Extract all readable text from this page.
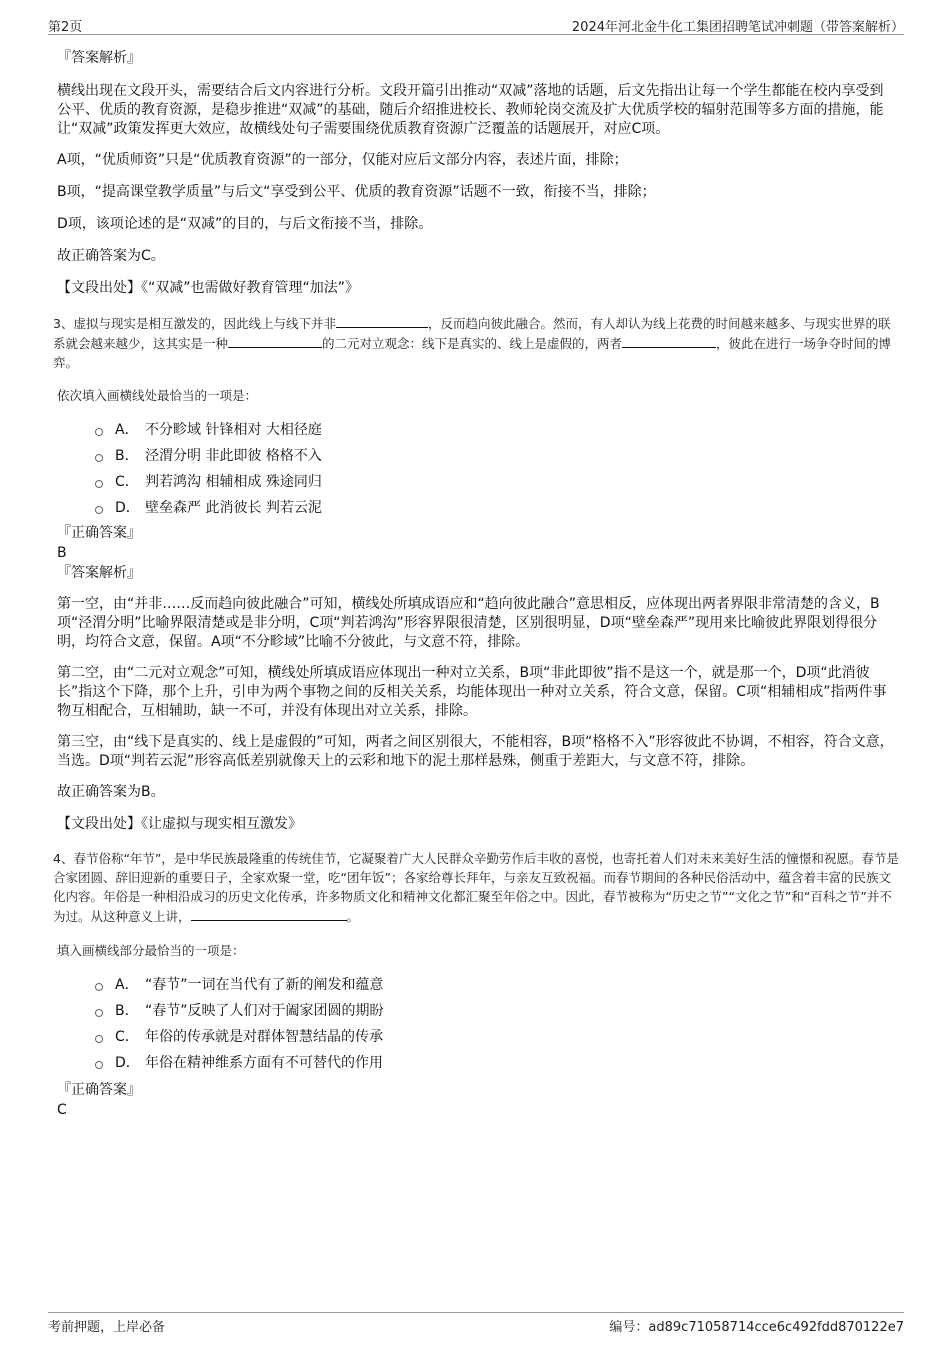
第2页	2024年河北金牛化工集团招聘笔试冲刺题（带答案解析）
『答案解析』

横线出现在文段开头，需要结合后文内容进行分析。文段开篇引出推动“双减”落地的话题，后文先指出让每一个学生都能在校内享受到公平、优质的教育资源，是稳步推进“双减”的基础，随后介绍推进校长、教师轮岗交流及扩大优质学校的辐射范围等多方面的措施，能让“双减”政策发挥更大效应，故横线处句子需要围绕优质教育资源广泛覆盖的话题展开，对应C项。

A项，“优质师资”只是“优质教育资源”的一部分，仅能对应后文部分内容，表述片面，排除；

B项，“提高课堂教学质量”与后文“享受到公平、优质的教育资源”话题不一致，衔接不当，排除；

D项，该项论述的是“双减”的目的，与后文衔接不当，排除。

故正确答案为C。

【文段出处】《“双减”也需做好教育管理“加法”》

3、虚拟与现实是相互激发的，因此线上与线下并非	，反而趋向彼此融合。然而，有人却认为线上花费的时间越来越多、与现实世界的联系就会越来越少，这其实是一种	的二元对立观念：线下是真实的、线上是虚假的，两者	，彼此在进行一场争夺时间的博弈。

依次填入画横线处最恰当的一项是：

A． 不分畛域 针锋相对 大相径庭
B． 泾渭分明 非此即彼 格格不入
C． 判若鸿沟 相辅相成 殊途同归
D． 壁垒森严 此消彼长 判若云泥
『正确答案』
B
『答案解析』

第一空，由“并非……反而趋向彼此融合”可知，横线处所填成语应和“趋向彼此融合”意思相反，应体现出两者界限非常清楚的含义，B项“泾渭分明”比喻界限清楚或是非分明，C项“判若鸿沟”形容界限很清楚，区别很明显，D项“壁垒森严”现用来比喻彼此界限划得很分明，均符合文意，保留。A项“不分畛域”比喻不分彼此，与文意不符，排除。

第二空，由“二元对立观念”可知，横线处所填成语应体现出一种对立关系，B项“非此即彼”指不是这一个，就是那一个，D项“此消彼长”指这个下降，那个上升，引申为两个事物之间的反相关关系，均能体现出一种对立关系，符合文意，保留。C项“相辅相成”指两件事物互相配合，互相辅助，缺一不可，并没有体现出对立关系，排除。

第三空，由“线下是真实的、线上是虚假的”可知，两者之间区别很大，不能相容，B项“格格不入”形容彼此不协调，不相容，符合文意，当选。D项“判若云泥”形容高低差别就像天上的云彩和地下的泥土那样悬殊，侧重于差距大，与文意不符，排除。

故正确答案为B。

【文段出处】《让虚拟与现实相互激发》

4、春节俗称“年节”，是中华民族最隆重的传统佳节，它凝聚着广大人民群众辛勤劳作后丰收的喜悦，也寄托着人们对未来美好生活的憧憬和祝愿。春节是合家团圆、辞旧迎新的重要日子，全家欢聚一堂，吃“团年饭”；各家给尊长拜年，与亲友互致祝福。而春节期间的各种民俗活动中，蕴含着丰富的民族文化内容。年俗是一种相沿成习的历史文化传承，许多物质文化和精神文化都汇聚至年俗之中。因此，春节被称为“历史之节”“文化之节”和“百科之节”并不为过。从这种意义上讲，	。

填入画横线部分最恰当的一项是：

A． “春节”一词在当代有了新的阐发和蕴意
B． “春节”反映了人们对于阖家团圆的期盼
C． 年俗的传承就是对群体智慧结晶的传承
D． 年俗在精神维系方面有不可替代的作用
『正确答案』
C
考前押题，上岸必备	编号：ad89c71058714cce6c492fdd870122e7
